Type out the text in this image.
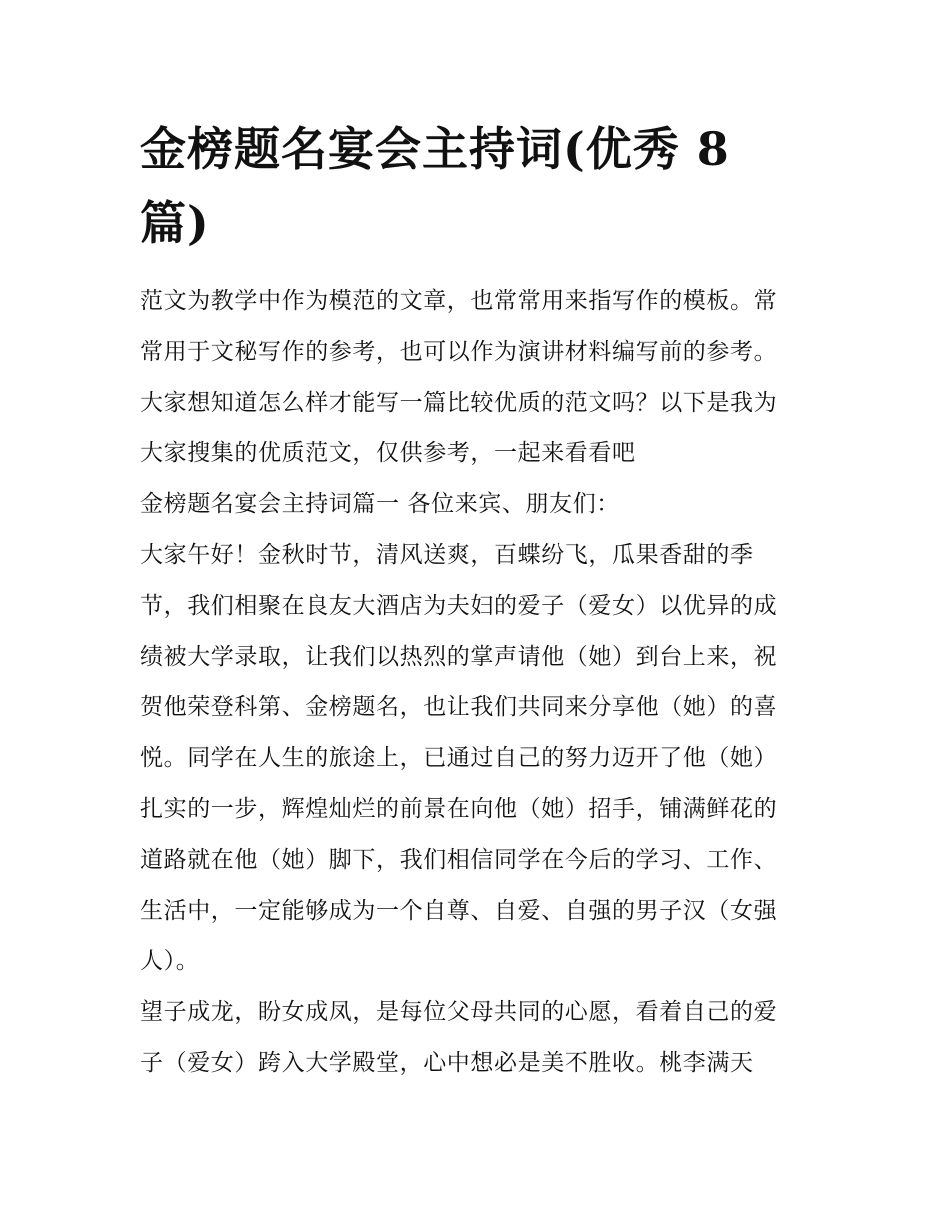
金榜题名宴会主持词(优秀 8
篇)
范文为教学中作为模范的文章，也常常用来指写作的模板。常
常用于文秘写作的参考，也可以作为演讲材料编写前的参考。
大家想知道怎么样才能写一篇比较优质的范文吗？以下是我为
大家搜集的优质范文，仅供参考，一起来看看吧
金榜题名宴会主持词篇一 各位来宾、朋友们：
大家午好！金秋时节，清风送爽，百蝶纷飞，瓜果香甜的季
节，我们相聚在良友大酒店为夫妇的爱子（爱女）以优异的成
绩被大学录取，让我们以热烈的掌声请他（她）到台上来，祝
贺他荣登科第、金榜题名，也让我们共同来分享他（她）的喜
悦。同学在人生的旅途上，已通过自己的努力迈开了他（她）
扎实的一步，辉煌灿烂的前景在向他（她）招手，铺满鲜花的
道路就在他（她）脚下，我们相信同学在今后的学习、工作、
生活中，一定能够成为一个自尊、自爱、自强的男子汉（女强
人）。
望子成龙，盼女成凤，是每位父母共同的心愿，看着自己的爱
子（爱女）跨入大学殿堂，心中想必是美不胜收。桃李满天
